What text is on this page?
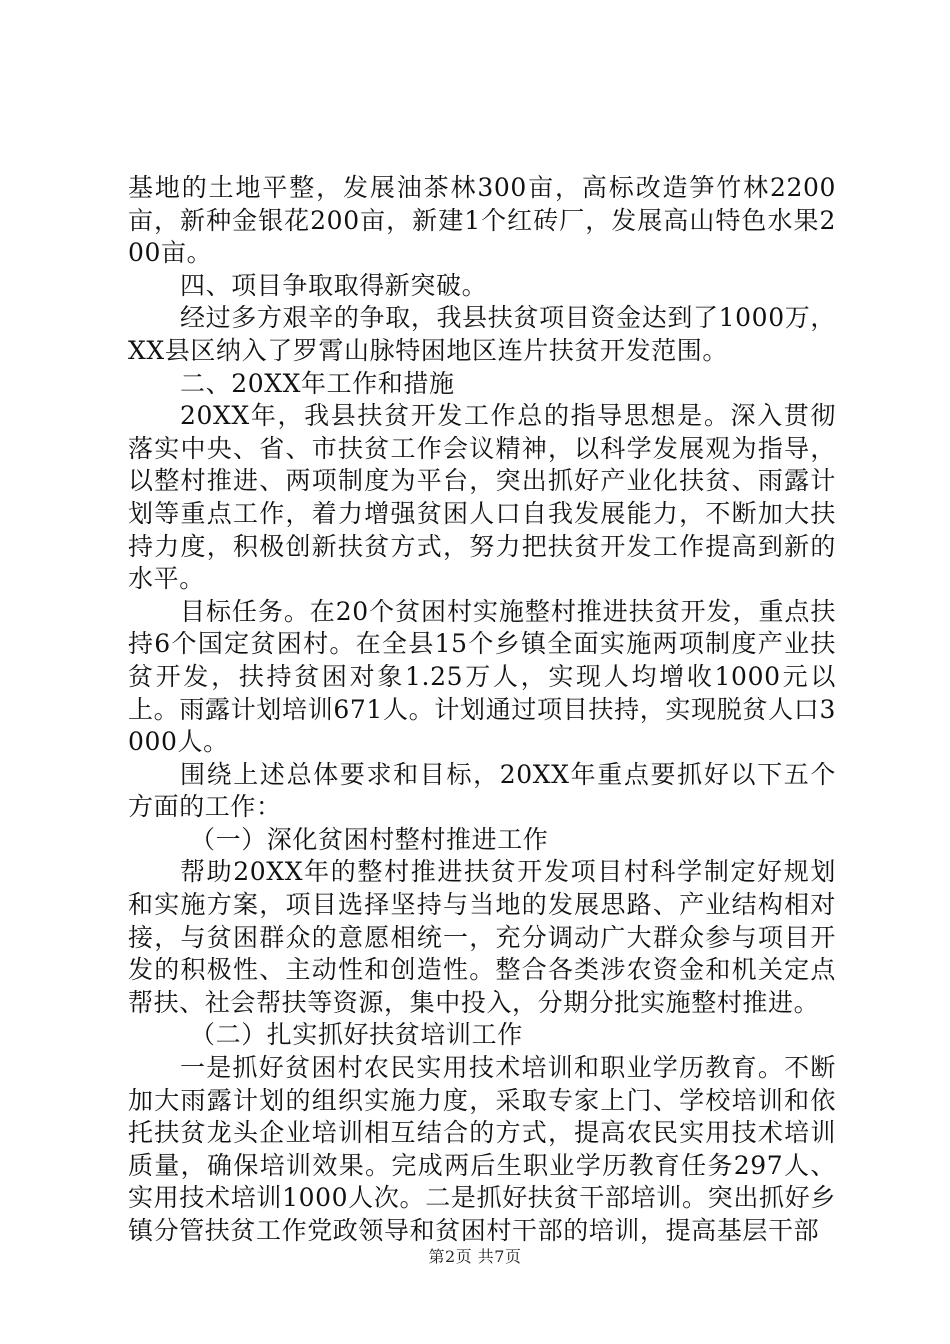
基地的土地平整，发展油茶林300亩，高标改造笋竹林2200亩，新种金银花200亩，新建1个红砖厂，发展高山特色水果200亩。

四、项目争取取得新突破。

经过多方艰辛的争取，我县扶贫项目资金达到了1000万，XX县区纳入了罗霄山脉特困地区连片扶贫开发范围。

二、20XX年工作和措施

20XX年，我县扶贫开发工作总的指导思想是。深入贯彻落实中央、省、市扶贫工作会议精神，以科学发展观为指导，以整村推进、两项制度为平台，突出抓好产业化扶贫、雨露计划等重点工作，着力增强贫困人口自我发展能力，不断加大扶持力度，积极创新扶贫方式，努力把扶贫开发工作提高到新的水平。

目标任务。在20个贫困村实施整村推进扶贫开发，重点扶持6个国定贫困村。在全县15个乡镇全面实施两项制度产业扶贫开发，扶持贫困对象1.25万人，实现人均增收1000元以上。雨露计划培训671人。计划通过项目扶持，实现脱贫人口3000人。

围绕上述总体要求和目标，20XX年重点要抓好以下五个方面的工作：

（一）深化贫困村整村推进工作

帮助20XX年的整村推进扶贫开发项目村科学制定好规划和实施方案，项目选择坚持与当地的发展思路、产业结构相对接，与贫困群众的意愿相统一，充分调动广大群众参与项目开发的积极性、主动性和创造性。整合各类涉农资金和机关定点帮扶、社会帮扶等资源，集中投入，分期分批实施整村推进。

（二）扎实抓好扶贫培训工作

一是抓好贫困村农民实用技术培训和职业学历教育。不断加大雨露计划的组织实施力度，采取专家上门、学校培训和依托扶贫龙头企业培训相互结合的方式，提高农民实用技术培训质量，确保培训效果。完成两后生职业学历教育任务297人、实用技术培训1000人次。二是抓好扶贫干部培训。突出抓好乡镇分管扶贫工作党政领导和贫困村干部的培训，提高基层干部

第2页 共7页
